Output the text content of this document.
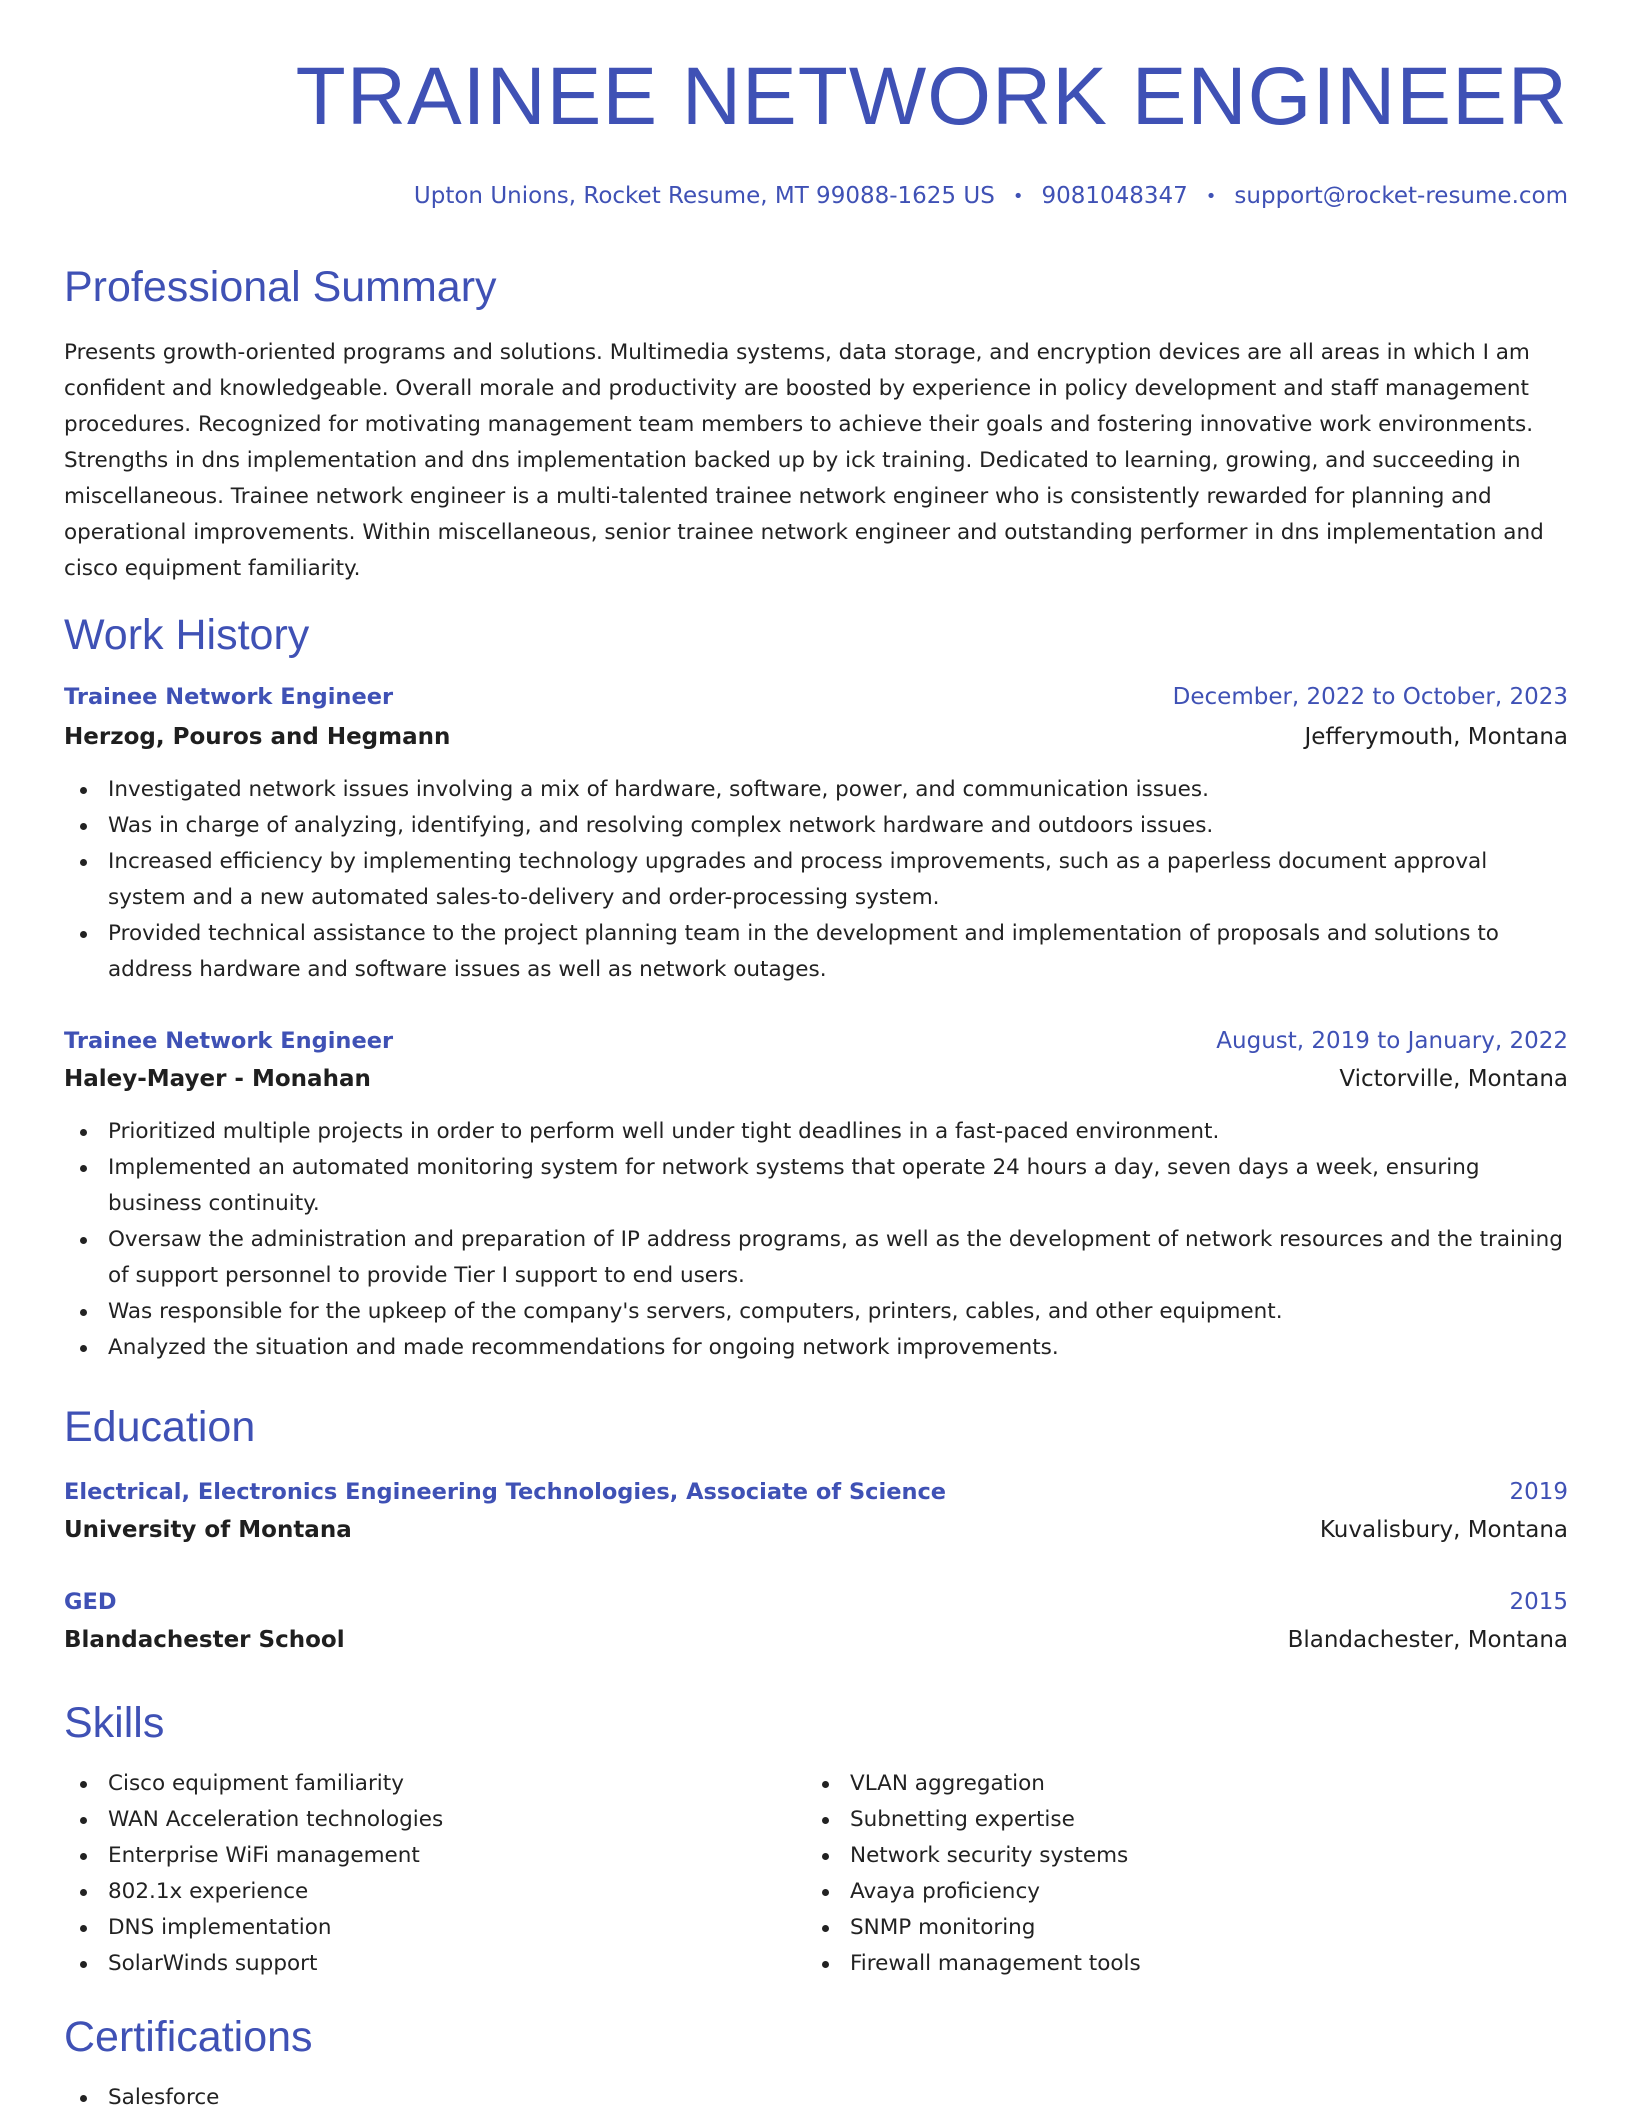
TRAINEE NETWORK ENGINEER
Upton Unions, Rocket Resume, MT 99088-1625 US • 9081048347 • support@rocket-resume.com
Professional Summary
Presents growth-oriented programs and solutions. Multimedia systems, data storage, and encryption devices are all areas in which I am confident and knowledgeable. Overall morale and productivity are boosted by experience in policy development and staff management procedures. Recognized for motivating management team members to achieve their goals and fostering innovative work environments. Strengths in dns implementation and dns implementation backed up by ick training. Dedicated to learning, growing, and succeeding in miscellaneous. Trainee network engineer is a multi-talented trainee network engineer who is consistently rewarded for planning and operational improvements. Within miscellaneous, senior trainee network engineer and outstanding performer in dns implementation and cisco equipment familiarity.
Work History
Trainee Network Engineer	December, 2022 to October, 2023
Herzog, Pouros and Hegmann	Jefferymouth, Montana
Investigated network issues involving a mix of hardware, software, power, and communication issues.
Was in charge of analyzing, identifying, and resolving complex network hardware and outdoors issues.
Increased efficiency by implementing technology upgrades and process improvements, such as a paperless document approval system and a new automated sales-to-delivery and order-processing system.
Provided technical assistance to the project planning team in the development and implementation of proposals and solutions to address hardware and software issues as well as network outages.
Trainee Network Engineer	August, 2019 to January, 2022
Haley-Mayer - Monahan	Victorville, Montana
Prioritized multiple projects in order to perform well under tight deadlines in a fast-paced environment.
Implemented an automated monitoring system for network systems that operate 24 hours a day, seven days a week, ensuring business continuity.
Oversaw the administration and preparation of IP address programs, as well as the development of network resources and the training of support personnel to provide Tier I support to end users.
Was responsible for the upkeep of the company's servers, computers, printers, cables, and other equipment.
Analyzed the situation and made recommendations for ongoing network improvements.
Education
Electrical, Electronics Engineering Technologies, Associate of Science	2019
University of Montana	Kuvalisbury, Montana
GED	2015
Blandachester School	Blandachester, Montana
Skills
Cisco equipment familiarity
WAN Acceleration technologies
Enterprise WiFi management
802.1x experience
DNS implementation
SolarWinds support
VLAN aggregation
Subnetting expertise
Network security systems
Avaya proficiency
SNMP monitoring
Firewall management tools
Certifications
Salesforce
